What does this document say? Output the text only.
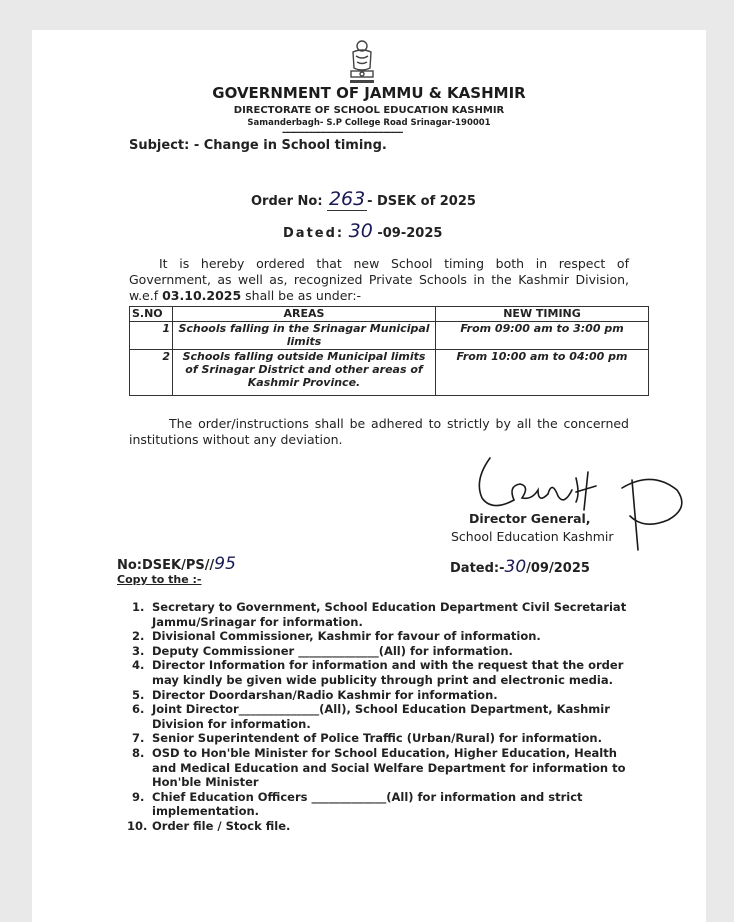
GOVERNMENT OF JAMMU & KASHMIR
DIRECTORATE OF SCHOOL EDUCATION KASHMIR
Samanderbagh- S.P College Road Srinagar-190001
--------------------------------------------
Subject: - Change in School timing.
Order No: 263 - DSEK of 2025
Dated: 30 -09-2025
It is hereby ordered that new School timing both in respect of Government, as well as, recognized Private Schools in the Kashmir Division, w.e.f 03.10.2025 shall be as under:-
S.NO	AREAS	NEW TIMING
1	Schools falling in the Srinagar Municipal limits	From 09:00 am to 3:00 pm
2	Schools falling outside Municipal limits of Srinagar District and other areas of Kashmir Province.	From 10:00 am to 04:00 pm
The order/instructions shall be adhered to strictly by all the concerned institutions without any deviation.
Director General,
School Education Kashmir
No:DSEK/PS//95	Dated:-30/09/2025
Copy to the :-
1. Secretary to Government, School Education Department Civil Secretariat Jammu/Srinagar for information.
2. Divisional Commissioner, Kashmir for favour of information.
3. Deputy Commissioner ______________(All) for information.
4. Director Information for information and with the request that the order may kindly be given wide publicity through print and electronic media.
5. Director Doordarshan/Radio Kashmir for information.
6. Joint Director______________(All), School Education Department, Kashmir Division for information.
7. Senior Superintendent of Police Traffic (Urban/Rural) for information.
8. OSD to Hon'ble Minister for School Education, Higher Education, Health and Medical Education and Social Welfare Department for information to Hon'ble Minister
9. Chief Education Officers _____________(All) for information and strict implementation.
10. Order file / Stock file.
